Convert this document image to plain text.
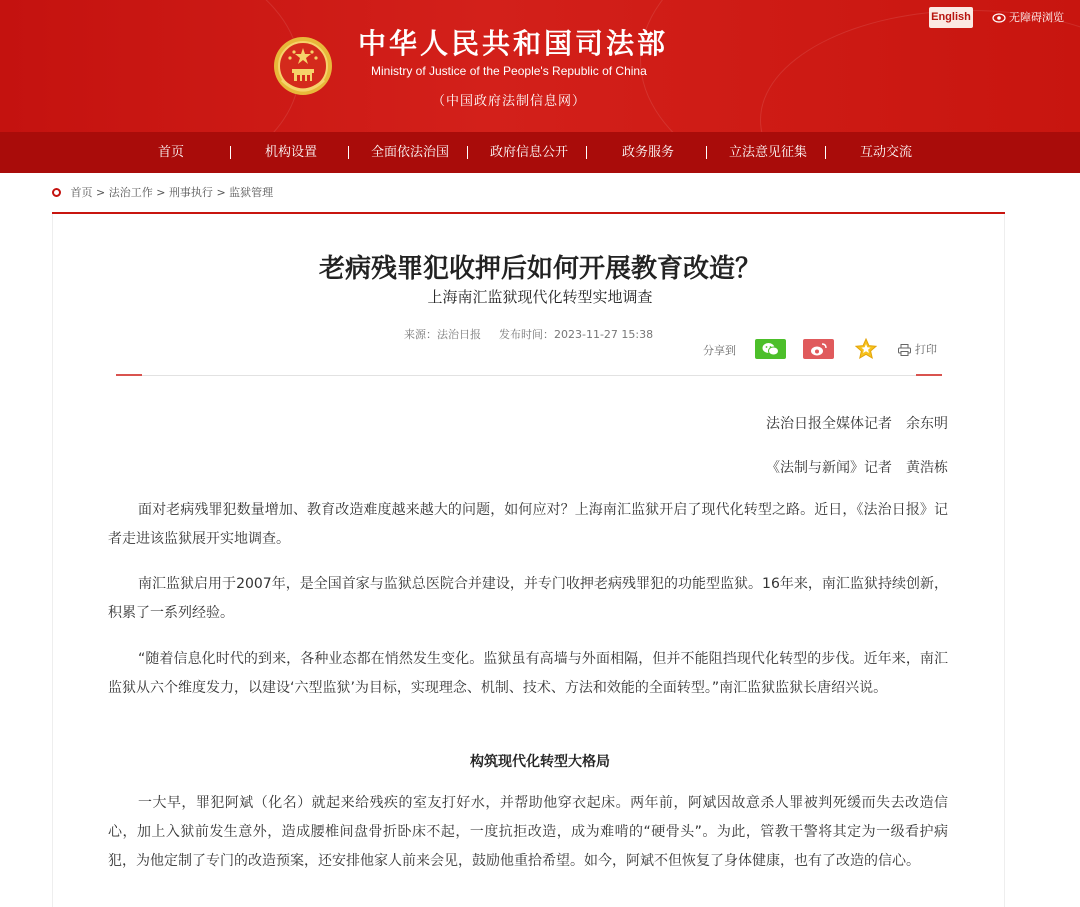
中华人民共和国司法部
Ministry of Justice of the People's Republic of China
（中国政府法制信息网）
English	无障碍浏览
首页	机构设置	全面依法治国	政府信息公开	政务服务	立法意见征集	互动交流
首页 > 法治工作 > 刑事执行 > 监狱管理
老病残罪犯收押后如何开展教育改造？
上海南汇监狱现代化转型实地调查
来源：法治日报 发布时间：2023-11-27 15:38
分享到	打印
法治日报全媒体记者　余东明
《法制与新闻》记者　黄浩栋
面对老病残罪犯数量增加、教育改造难度越来越大的问题，如何应对？上海南汇监狱开启了现代化转型之路。近日，《法治日报》记者走进该监狱展开实地调查。
南汇监狱启用于2007年，是全国首家与监狱总医院合并建设，并专门收押老病残罪犯的功能型监狱。16年来，南汇监狱持续创新，积累了一系列经验。
“随着信息化时代的到来，各种业态都在悄然发生变化。监狱虽有高墙与外面相隔，但并不能阻挡现代化转型的步伐。近年来，南汇监狱从六个维度发力，以建设‘六型监狱’为目标，实现理念、机制、技术、方法和效能的全面转型。”南汇监狱监狱长唐绍兴说。
构筑现代化转型大格局
一大早，罪犯阿斌（化名）就起来给残疾的室友打好水，并帮助他穿衣起床。两年前，阿斌因故意杀人罪被判死缓而失去改造信心，加上入狱前发生意外，造成腰椎间盘骨折卧床不起，一度抗拒改造，成为难啃的“硬骨头”。为此，管教干警将其定为一级看护病犯，为他定制了专门的改造预案，还安排他家人前来会见，鼓励他重拾希望。如今，阿斌不但恢复了身体健康，也有了改造的信心。
